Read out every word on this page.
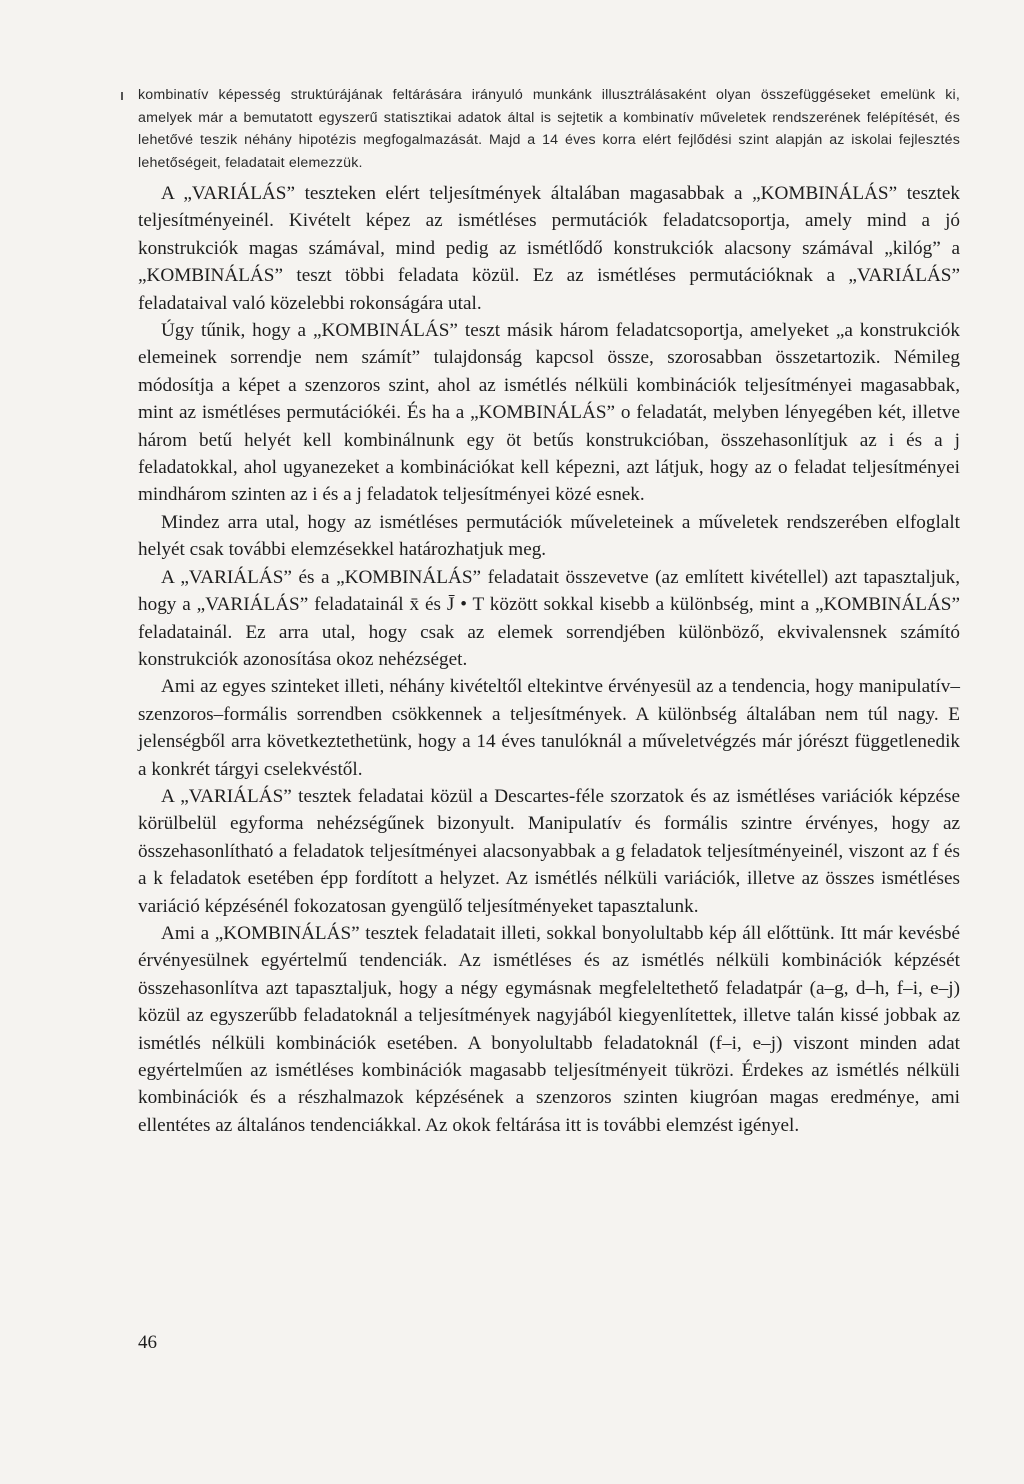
kombinatív képesség struktúrájának feltárására irányuló munkánk illusztrálásaként olyan összefüggéseket emelünk ki, amelyek már a bemutatott egyszerű statisztikai adatok által is sejtetik a kombinatív műveletek rendszerének felépítését, és lehetővé teszik néhány hipotézis megfogalmazását. Majd a 14 éves korra elért fejlődési szint alapján az iskolai fejlesztés lehetőségeit, feladatait elemezzük.

A „VARIÁLÁS” teszteken elért teljesítmények általában magasabbak a „KOMBINÁLÁS” tesztek teljesítményeinél. Kivételt képez az ismétléses permutációk feladatcsoportja, amely mind a jó konstrukciók magas számával, mind pedig az ismétlődő konstrukciók alacsony számával „kilóg” a „KOMBINÁLÁS” teszt többi feladata közül. Ez az ismétléses permutációknak a „VARIÁLÁS” feladataival való közelebbi rokonságára utal.

Úgy tűnik, hogy a „KOMBINÁLÁS” teszt másik három feladatcsoportja, amelyeket „a konstrukciók elemeinek sorrendje nem számít” tulajdonság kapcsol össze, szorosabban összetartozik. Némileg módosítja a képet a szenzoros szint, ahol az ismétlés nélküli kombinációk teljesítményei magasabbak, mint az ismétléses permutációkéi. És ha a „KOMBINÁLÁS” o feladatát, melyben lényegében két, illetve három betű helyét kell kombinálnunk egy öt betűs konstrukcióban, összehasonlítjuk az i és a j feladatokkal, ahol ugyanezeket a kombinációkat kell képezni, azt látjuk, hogy az o feladat teljesítményei mindhárom szinten az i és a j feladatok teljesítményei közé esnek.

Mindez arra utal, hogy az ismétléses permutációk műveleteinek a műveletek rendszerében elfoglalt helyét csak további elemzésekkel határozhatjuk meg.

A „VARIÁLÁS” és a „KOMBINÁLÁS” feladatait összevetve (az említett kivétellel) azt tapasztaljuk, hogy a „VARIÁLÁS” feladatainál x̄ és J̄ • T között sokkal kisebb a különbség, mint a „KOMBINÁLÁS” feladatainál. Ez arra utal, hogy csak az elemek sorrendjében különböző, ekvivalensnek számító konstrukciók azonosítása okoz nehézséget.

Ami az egyes szinteket illeti, néhány kivételtől eltekintve érvényesül az a tendencia, hogy manipulatív–szenzoros–formális sorrendben csökkennek a teljesítmények. A különbség általában nem túl nagy. E jelenségből arra következtethetünk, hogy a 14 éves tanulóknál a műveletvégzés már jórészt függetlenedik a konkrét tárgyi cselekvéstől.

A „VARIÁLÁS” tesztek feladatai közül a Descartes-féle szorzatok és az ismétléses variációk képzése körülbelül egyforma nehézségűnek bizonyult. Manipulatív és formális szintre érvényes, hogy az összehasonlítható a feladatok teljesítményei alacsonyabbak a g feladatok teljesítményeinél, viszont az f és a k feladatok esetében épp fordított a helyzet. Az ismétlés nélküli variációk, illetve az összes ismétléses variáció képzésénél fokozatosan gyengülő teljesítményeket tapasztalunk.

Ami a „KOMBINÁLÁS” tesztek feladatait illeti, sokkal bonyolultabb kép áll előttünk. Itt már kevésbé érvényesülnek egyértelmű tendenciák. Az ismétléses és az ismétlés nélküli kombinációk képzését összehasonlítva azt tapasztaljuk, hogy a négy egymásnak megfeleltethető feladatpár (a–g, d–h, f–i, e–j) közül az egyszerűbb feladatoknál a teljesítmények nagyjából kiegyenlítettek, illetve talán kissé jobbak az ismétlés nélküli kombinációk esetében. A bonyolultabb feladatoknál (f–i, e–j) viszont minden adat egyértelműen az ismétléses kombinációk magasabb teljesítményeit tükrözi. Érdekes az ismétlés nélküli kombinációk és a részhalmazok képzésének a szenzoros szinten kiugróan magas eredménye, ami ellentétes az általános tendenciákkal. Az okok feltárása itt is további elemzést igényel.

46
